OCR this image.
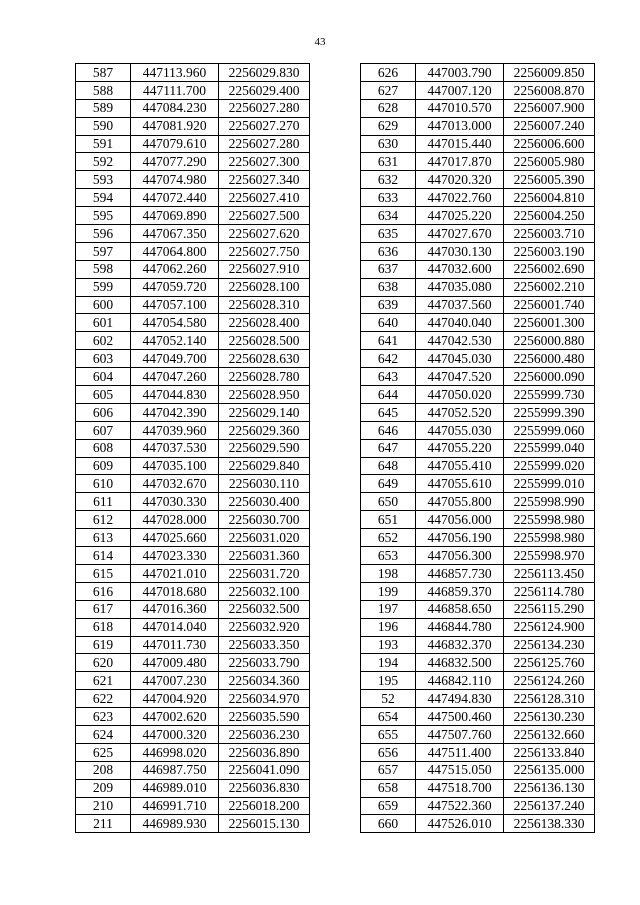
43
587	447113.960	2256029.830
588	447111.700	2256029.400
589	447084.230	2256027.280
590	447081.920	2256027.270
591	447079.610	2256027.280
592	447077.290	2256027.300
593	447074.980	2256027.340
594	447072.440	2256027.410
595	447069.890	2256027.500
596	447067.350	2256027.620
597	447064.800	2256027.750
598	447062.260	2256027.910
599	447059.720	2256028.100
600	447057.100	2256028.310
601	447054.580	2256028.400
602	447052.140	2256028.500
603	447049.700	2256028.630
604	447047.260	2256028.780
605	447044.830	2256028.950
606	447042.390	2256029.140
607	447039.960	2256029.360
608	447037.530	2256029.590
609	447035.100	2256029.840
610	447032.670	2256030.110
611	447030.330	2256030.400
612	447028.000	2256030.700
613	447025.660	2256031.020
614	447023.330	2256031.360
615	447021.010	2256031.720
616	447018.680	2256032.100
617	447016.360	2256032.500
618	447014.040	2256032.920
619	447011.730	2256033.350
620	447009.480	2256033.790
621	447007.230	2256034.360
622	447004.920	2256034.970
623	447002.620	2256035.590
624	447000.320	2256036.230
625	446998.020	2256036.890
208	446987.750	2256041.090
209	446989.010	2256036.830
210	446991.710	2256018.200
211	446989.930	2256015.130
626	447003.790	2256009.850
627	447007.120	2256008.870
628	447010.570	2256007.900
629	447013.000	2256007.240
630	447015.440	2256006.600
631	447017.870	2256005.980
632	447020.320	2256005.390
633	447022.760	2256004.810
634	447025.220	2256004.250
635	447027.670	2256003.710
636	447030.130	2256003.190
637	447032.600	2256002.690
638	447035.080	2256002.210
639	447037.560	2256001.740
640	447040.040	2256001.300
641	447042.530	2256000.880
642	447045.030	2256000.480
643	447047.520	2256000.090
644	447050.020	2255999.730
645	447052.520	2255999.390
646	447055.030	2255999.060
647	447055.220	2255999.040
648	447055.410	2255999.020
649	447055.610	2255999.010
650	447055.800	2255998.990
651	447056.000	2255998.980
652	447056.190	2255998.980
653	447056.300	2255998.970
198	446857.730	2256113.450
199	446859.370	2256114.780
197	446858.650	2256115.290
196	446844.780	2256124.900
193	446832.370	2256134.230
194	446832.500	2256125.760
195	446842.110	2256124.260
52	447494.830	2256128.310
654	447500.460	2256130.230
655	447507.760	2256132.660
656	447511.400	2256133.840
657	447515.050	2256135.000
658	447518.700	2256136.130
659	447522.360	2256137.240
660	447526.010	2256138.330
